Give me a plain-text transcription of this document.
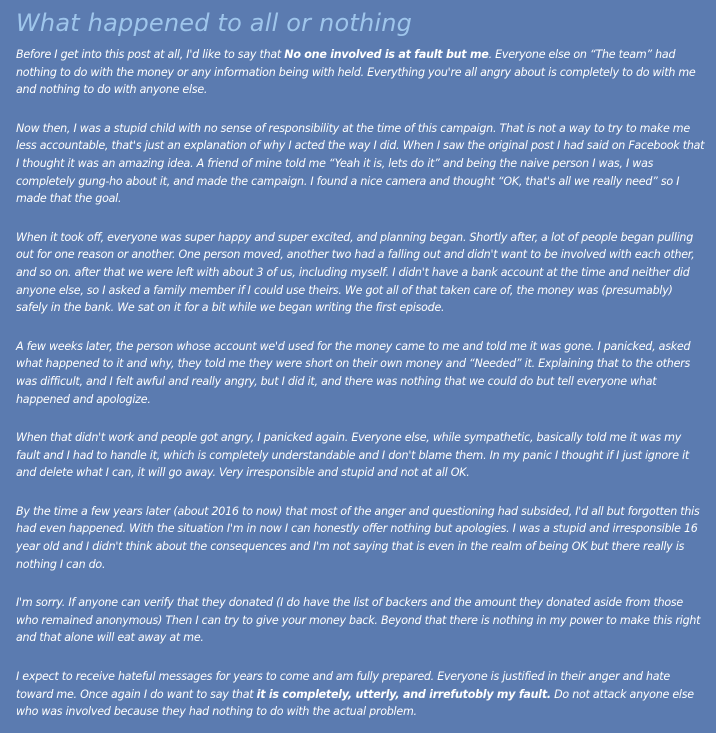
What happened to all or nothing

Before I get into this post at all, I'd like to say that No one involved is at fault but me. Everyone else on “The team” had nothing to do with the money or any information being with held. Everything you're all angry about is completely to do with me and nothing to do with anyone else.

Now then, I was a stupid child with no sense of responsibility at the time of this campaign. That is not a way to try to make me less accountable, that's just an explanation of why I acted the way I did. When I saw the original post I had said on Facebook that I thought it was an amazing idea. A friend of mine told me “Yeah it is, lets do it” and being the naive person I was, I was completely gung-ho about it, and made the campaign. I found a nice camera and thought “OK, that's all we really need” so I made that the goal.

When it took off, everyone was super happy and super excited, and planning began. Shortly after, a lot of people began pulling out for one reason or another. One person moved, another two had a falling out and didn't want to be involved with each other, and so on. after that we were left with about 3 of us, including myself. I didn't have a bank account at the time and neither did anyone else, so I asked a family member if I could use theirs. We got all of that taken care of, the money was (presumably) safely in the bank. We sat on it for a bit while we began writing the first episode.

A few weeks later, the person whose account we'd used for the money came to me and told me it was gone. I panicked, asked what happened to it and why, they told me they were short on their own money and “Needed” it. Explaining that to the others was difficult, and I felt awful and really angry, but I did it, and there was nothing that we could do but tell everyone what happened and apologize.

When that didn't work and people got angry, I panicked again. Everyone else, while sympathetic, basically told me it was my fault and I had to handle it, which is completely understandable and I don't blame them. In my panic I thought if I just ignore it and delete what I can, it will go away. Very irresponsible and stupid and not at all OK.

By the time a few years later (about 2016 to now) that most of the anger and questioning had subsided, I'd all but forgotten this had even happened. With the situation I'm in now I can honestly offer nothing but apologies. I was a stupid and irresponsible 16 year old and I didn't think about the consequences and I'm not saying that is even in the realm of being OK but there really is nothing I can do.

I'm sorry. If anyone can verify that they donated (I do have the list of backers and the amount they donated aside from those who remained anonymous) Then I can try to give your money back. Beyond that there is nothing in my power to make this right and that alone will eat away at me.

I expect to receive hateful messages for years to come and am fully prepared. Everyone is justified in their anger and hate toward me. Once again I do want to say that it is completely, utterly, and irrefutobly my fault. Do not attack anyone else who was involved because they had nothing to do with the actual problem.
